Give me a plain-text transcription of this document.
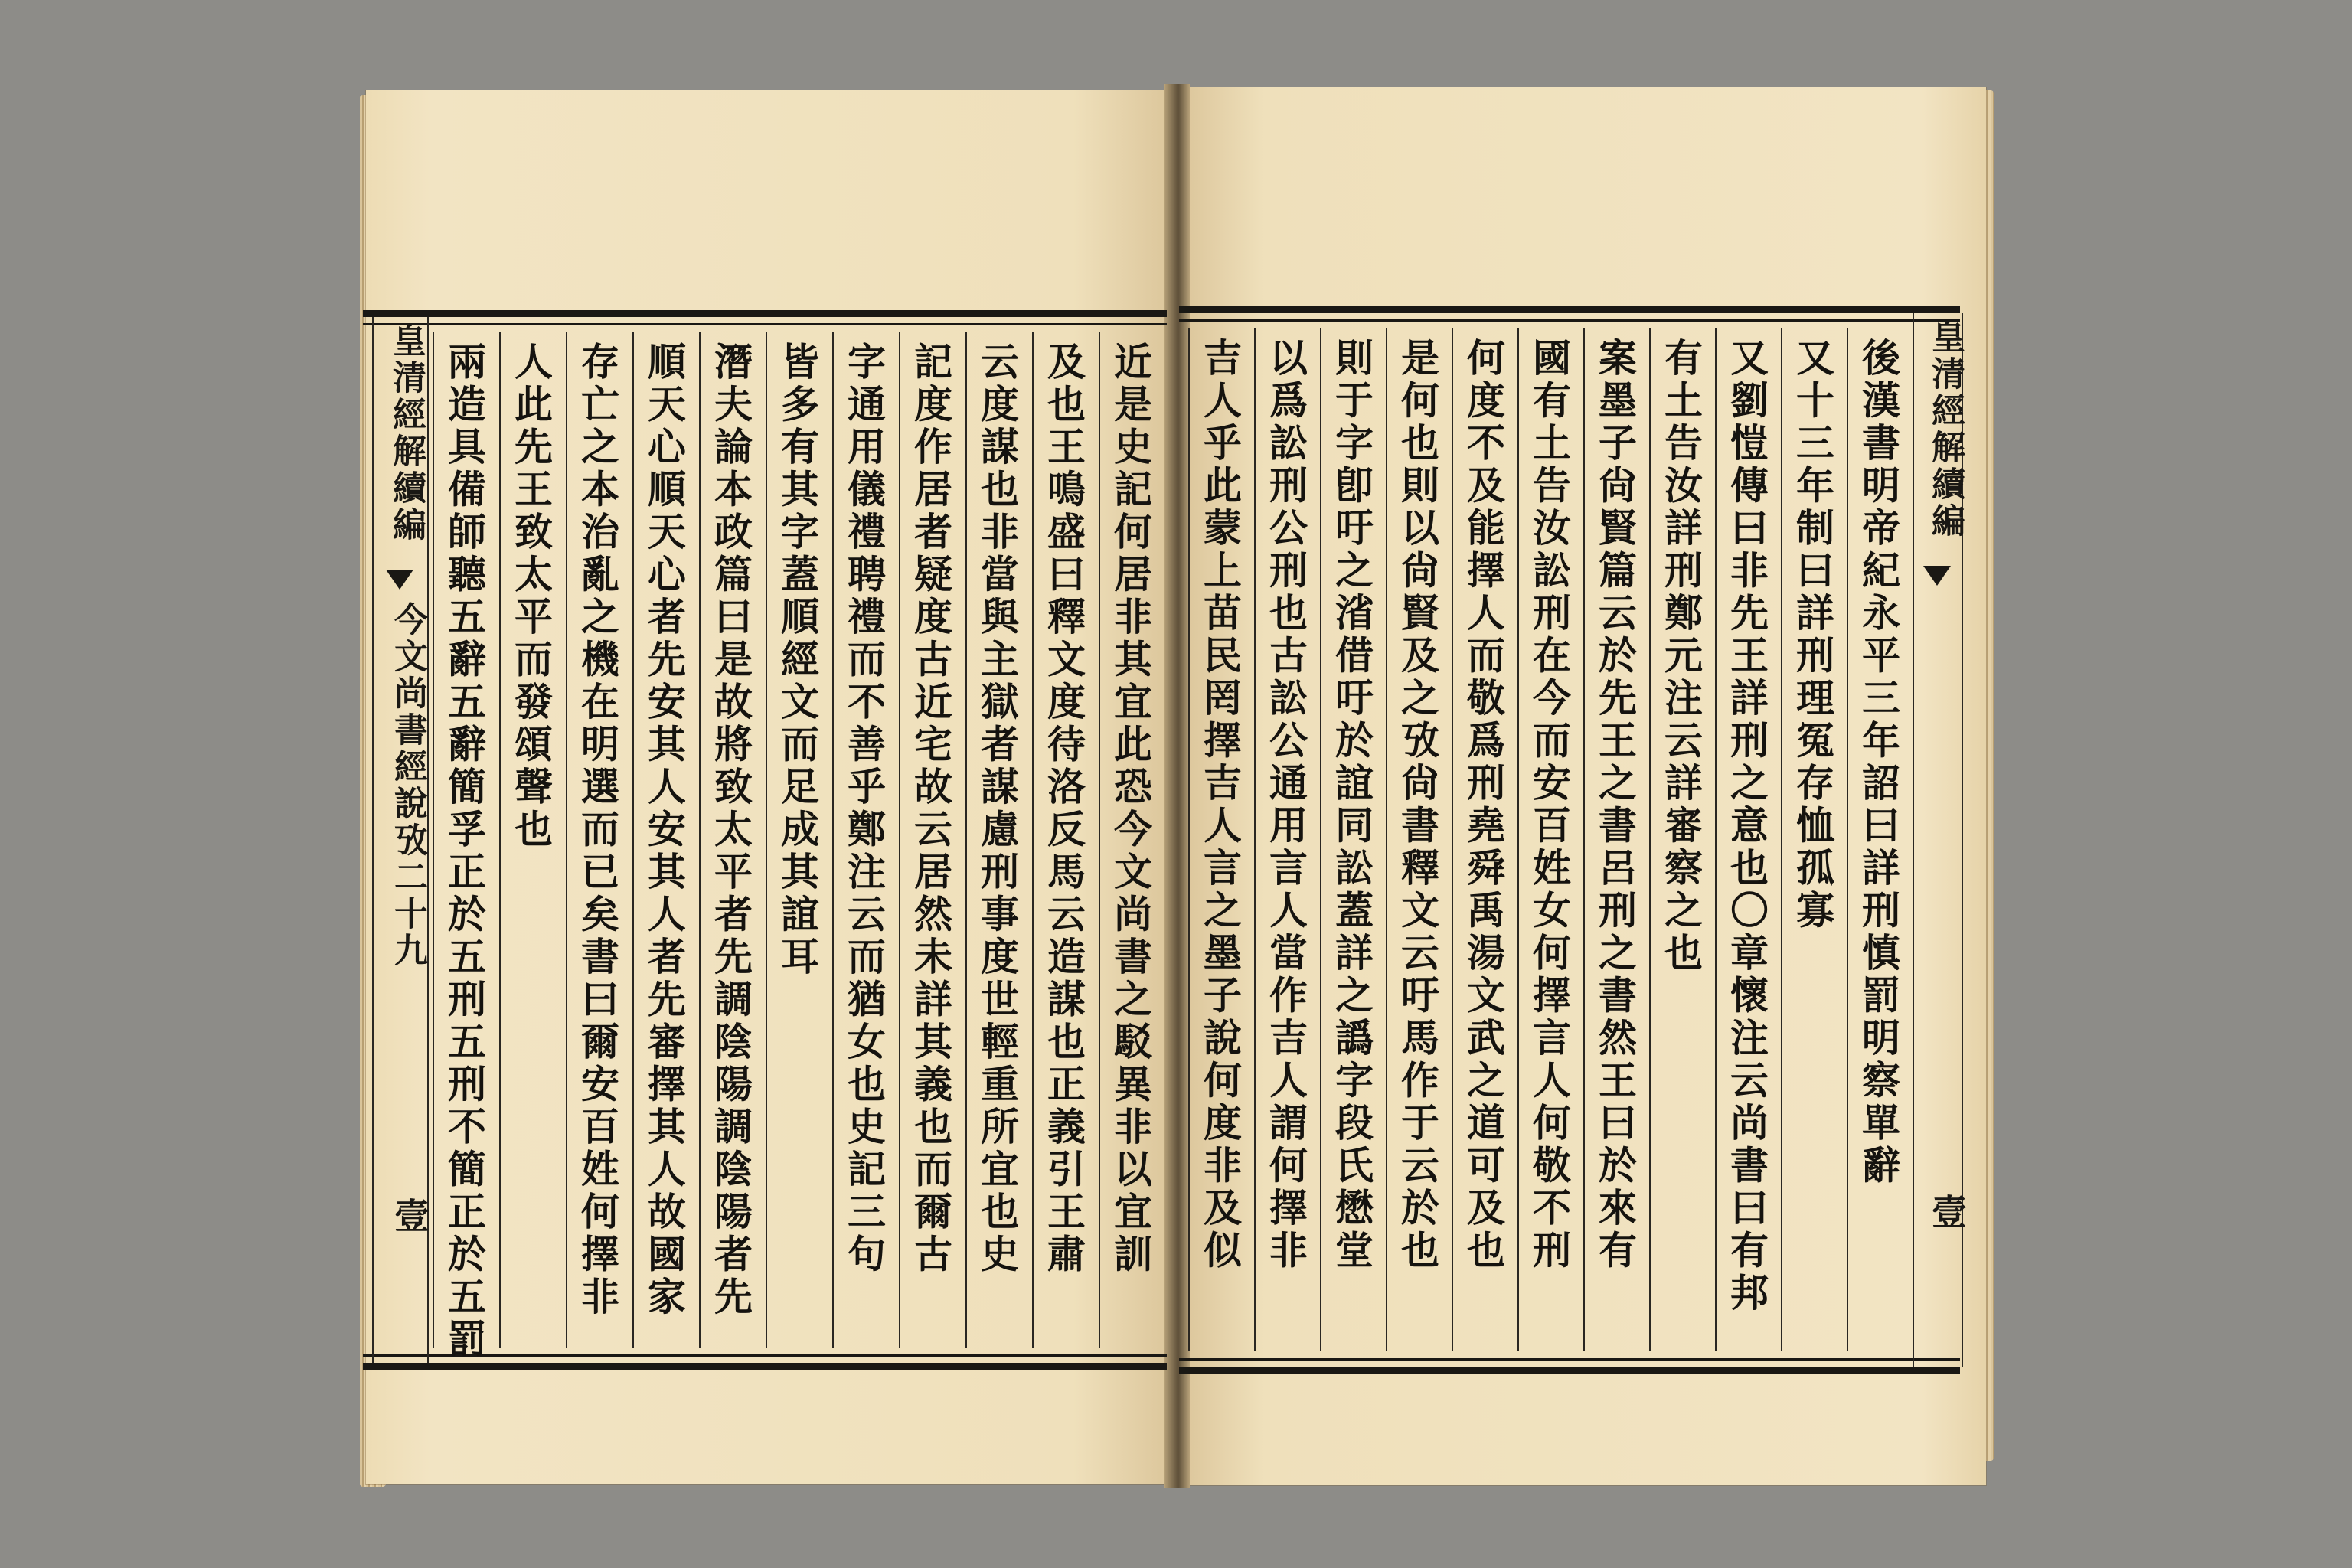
皇清經解續編
今文尚書經說攷二十九
壹	近是史記何居非其宜此恐今文尚書之駁異非以宜訓
及也王鳴盛曰釋文度待洛反馬云造謀也正義引王肅
云度謀也非當與主獄者謀慮刑事度世輕重所宜也史
記度作居者疑度古近宅故云居然未詳其義也而爾古
字通用儀禮聘禮而不善乎鄭注云而猶女也史記三句
皆多有其字蓋順經文而足成其誼耳
潛夫論本政篇曰是故將致太平者先調陰陽調陰陽者先
順天心順天心者先安其人安其人者先審擇其人故國家
存亡之本治亂之機在明選而已矣書曰爾安百姓何擇非
人此先王致太平而發頌聲也
兩造具備師聽五辭五辭簡孚正於五刑五刑不簡正於五罰	皇清經解續編
壹
後漢書明帝紀永平三年詔曰詳刑慎罰明察單辭
又十三年制曰詳刑理冤存恤孤寡
又劉愷傳曰非先王詳刑之意也〇章懷注云尚書曰有邦
有土告汝詳刑鄭元注云詳審察之也
案墨子尙賢篇云於先王之書呂刑之書然王曰於來有
國有土告汝訟刑在今而安百姓女何擇言人何敬不刑
何度不及能擇人而敬爲刑堯舜禹湯文武之道可及也
是何也則以尙賢及之攷尙書釋文云吁馬作于云於也
則于字卽吁之渻借吁於誼同訟蓋詳之譌字段氏懋堂
以爲訟刑公刑也古訟公通用言人當作吉人謂何擇非
吉人乎此蒙上苗民罔擇吉人言之墨子說何度非及似
